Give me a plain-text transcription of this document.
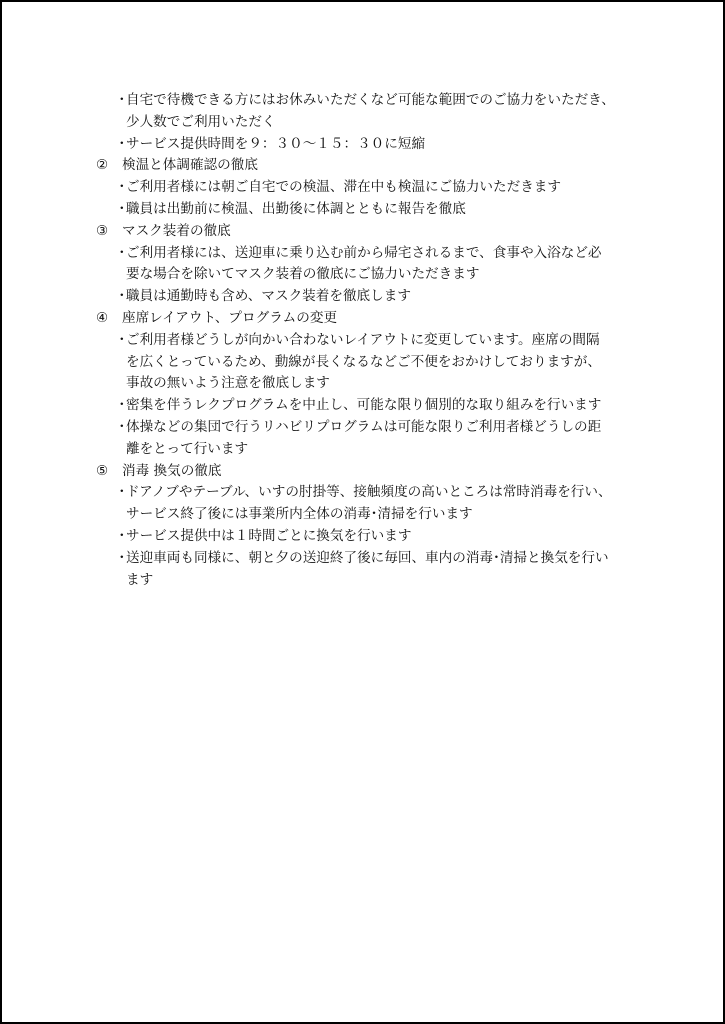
・
自宅で待機できる方にはお休みいただくなど可能な範囲でのご協力をいただき、
少人数でご利用いただく
・
サービス提供時間を９：３０～１５：３０に短縮
②	検温と体調確認の徹底
・
ご利用者様には朝ご自宅での検温、滞在中も検温にご協力いただきます
・
職員は出勤前に検温、出勤後に体調とともに報告を徹底
③	マスク装着の徹底
・
ご利用者様には、送迎車に乗り込む前から帰宅されるまで、食事や入浴など必
要な場合を除いてマスク装着の徹底にご協力いただきます
・
職員は通勤時も含め、マスク装着を徹底します
④	座席レイアウト、プログラムの変更
・
ご利用者様どうしが向かい合わないレイアウトに変更しています。座席の間隔
を広くとっているため、動線が長くなるなどご不便をおかけしておりますが、
事故の無いよう注意を徹底します
・
密集を伴うレクプログラムを中止し、可能な限り個別的な取り組みを行います
・
体操などの集団で行うリハビリプログラムは可能な限りご利用者様どうしの距
離をとって行います
⑤	消毒 換気の徹底
・
ドアノブやテーブル、いすの肘掛等、接触頻度の高いところは常時消毒を行い、
サービス終了後には事業所内全体の消毒･清掃を行います
・
サービス提供中は１時間ごとに換気を行います
・
送迎車両も同様に、朝と夕の送迎終了後に毎回、車内の消毒･清掃と換気を行い
ます
